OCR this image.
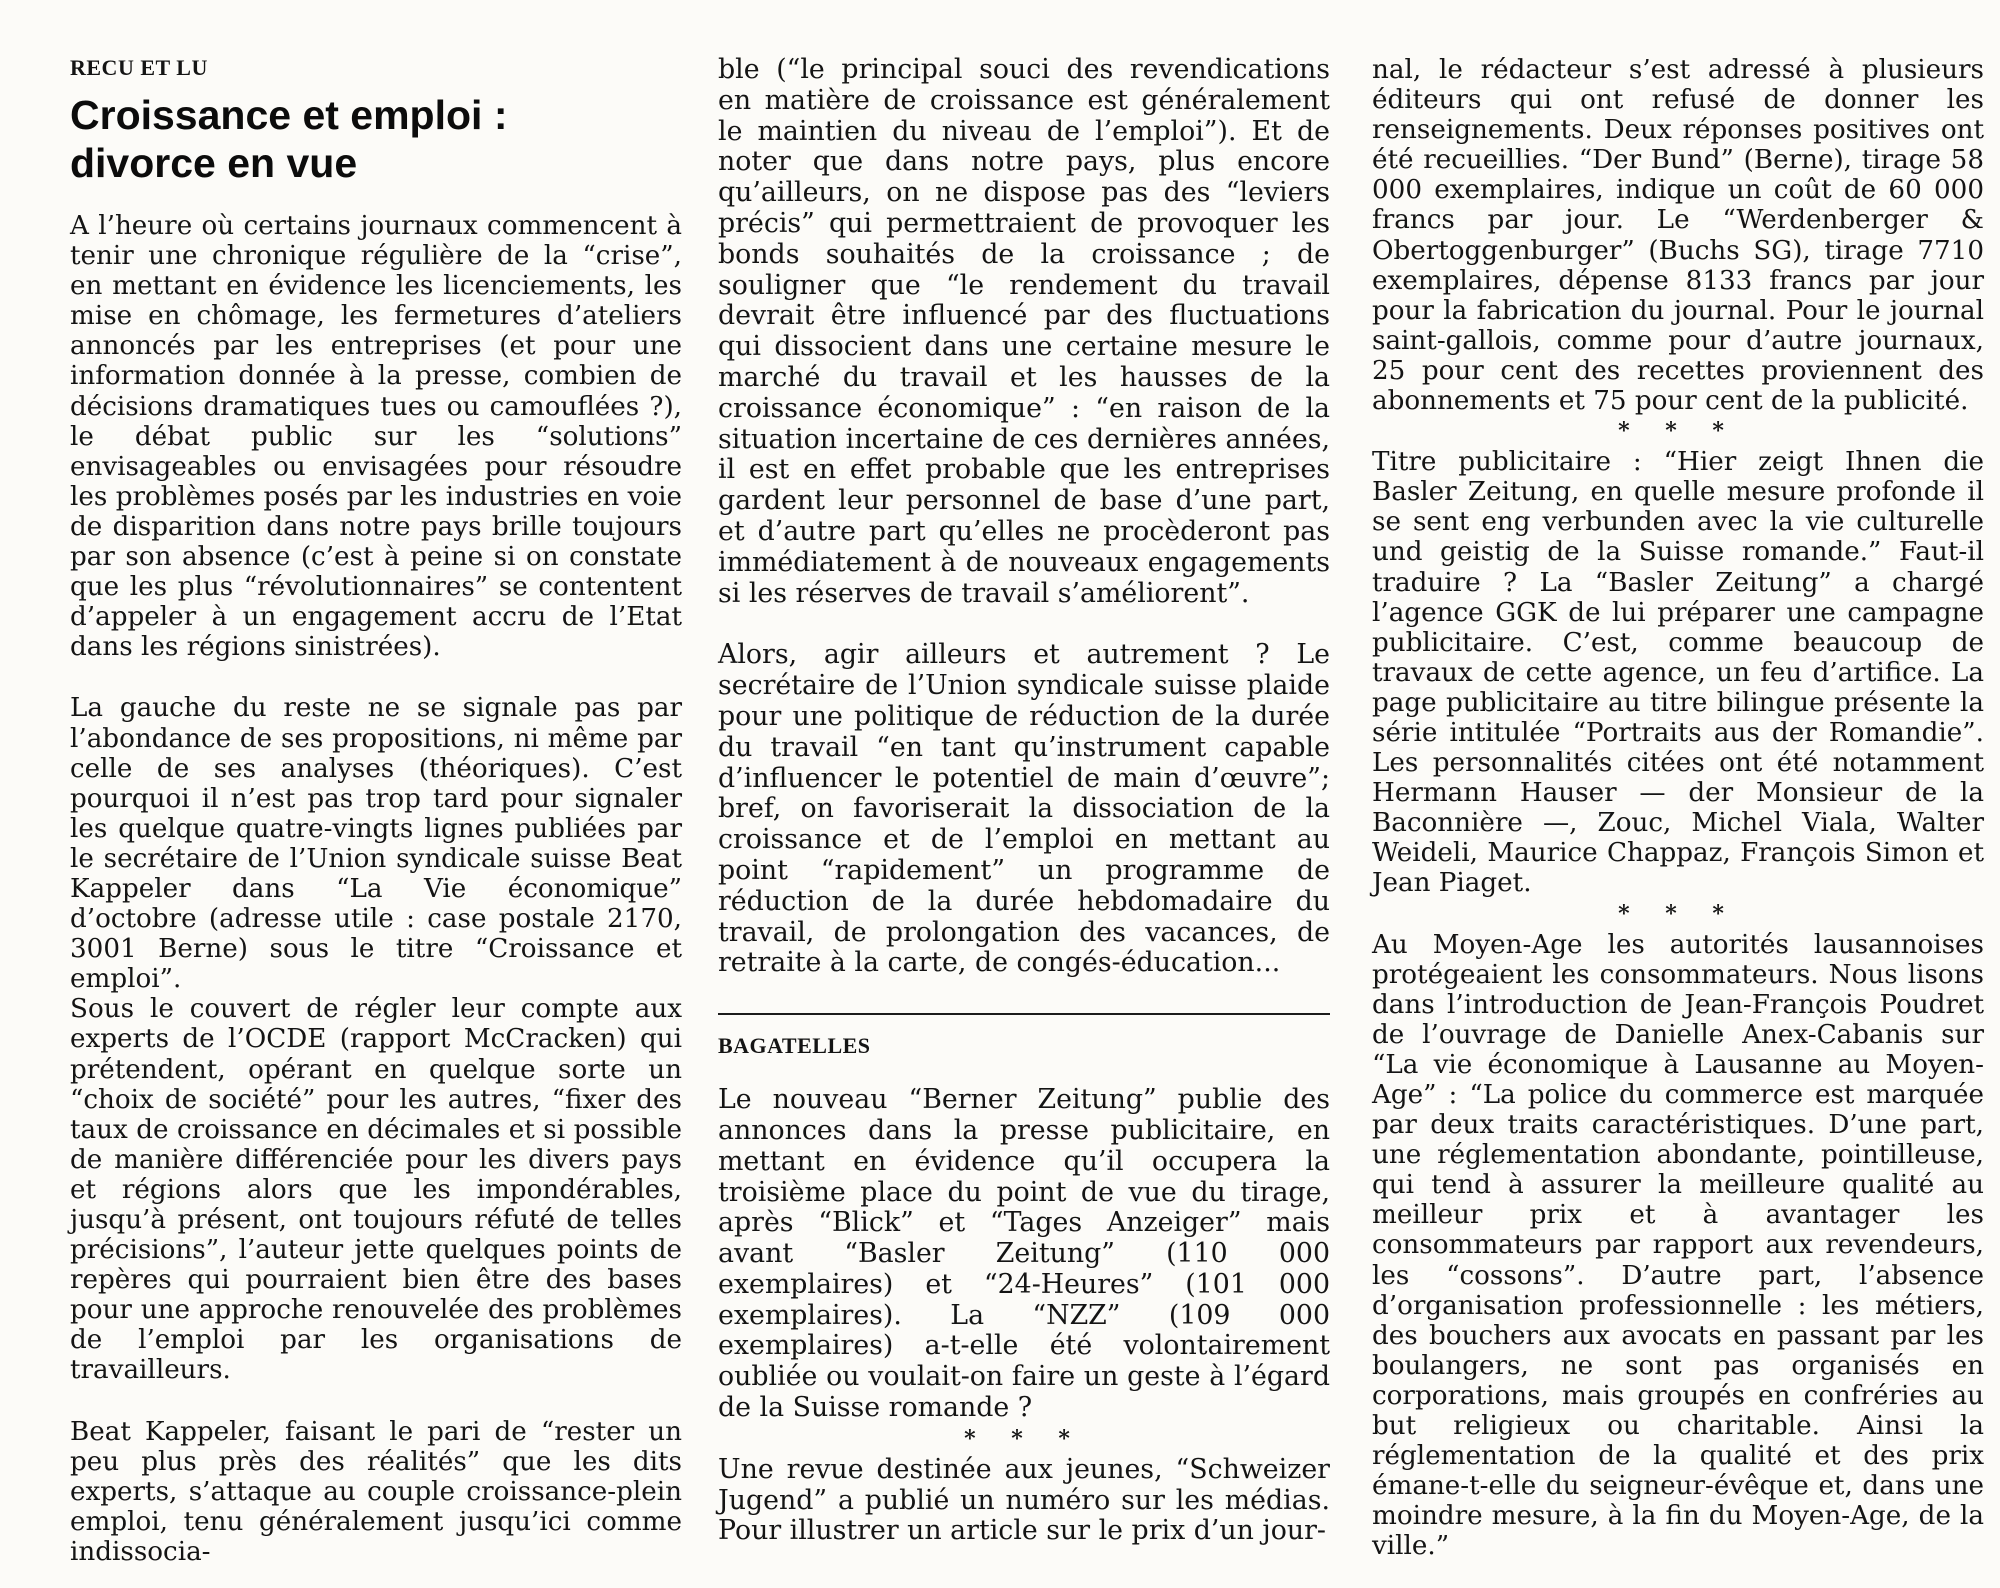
RECU ET LU
Croissance et emploi :
divorce en vue

A l’heure où certains journaux commencent à tenir une chronique régulière de la “crise”, en mettant en évidence les licenciements, les mise en chômage, les fermetures d’ateliers annoncés par les entreprises (et pour une information donnée à la presse, combien de décisions dramatiques tues ou camouflées ?), le débat public sur les “solutions” envisageables ou envisagées pour résoudre les problèmes posés par les industries en voie de disparition dans notre pays brille toujours par son absence (c’est à peine si on constate que les plus “révolutionnaires” se contentent d’appeler à un engagement accru de l’Etat dans les régions sinistrées).

La gauche du reste ne se signale pas par l’abondance de ses propositions, ni même par celle de ses analyses (théoriques). C’est pourquoi il n’est pas trop tard pour signaler les quelque quatre-vingts lignes publiées par le secrétaire de l’Union syndicale suisse Beat Kappeler dans “La Vie économique” d’octobre (adresse utile : case postale 2170, 3001 Berne) sous le titre “Croissance et emploi”.

Sous le couvert de régler leur compte aux experts de l’OCDE (rapport McCracken) qui prétendent, opérant en quelque sorte un “choix de société” pour les autres, “fixer des taux de croissance en décimales et si possible de manière différenciée pour les divers pays et régions alors que les impondérables, jusqu’à présent, ont toujours réfuté de telles précisions”, l’auteur jette quelques points de repères qui pourraient bien être des bases pour une approche renouvelée des problèmes de l’emploi par les organisations de travailleurs.

Beat Kappeler, faisant le pari de “rester un peu plus près des réalités” que les dits experts, s’attaque au couple croissance-plein emploi, tenu généralement jusqu’ici comme indissocia-

ble (“le principal souci des revendications en matière de croissance est généralement le maintien du niveau de l’emploi”). Et de noter que dans notre pays, plus encore qu’ailleurs, on ne dispose pas des “leviers précis” qui permettraient de provoquer les bonds souhaités de la croissance ; de souligner que “le rendement du travail devrait être influencé par des fluctuations qui dissocient dans une certaine mesure le marché du travail et les hausses de la croissance économique” : “en raison de la situation incertaine de ces dernières années, il est en effet probable que les entreprises gardent leur personnel de base d’une part, et d’autre part qu’elles ne procèderont pas immédiatement à de nouveaux engagements si les réserves de travail s’améliorent”.

Alors, agir ailleurs et autrement ? Le secrétaire de l’Union syndicale suisse plaide pour une politique de réduction de la durée du travail “en tant qu’instrument capable d’influencer le potentiel de main d’œuvre”; bref, on favoriserait la dissociation de la croissance et de l’emploi en mettant au point “rapidement” un programme de réduction de la durée hebdomadaire du travail, de prolongation des vacances, de retraite à la carte, de congés-éducation...

BAGATELLES

Le nouveau “Berner Zeitung” publie des annonces dans la presse publicitaire, en mettant en évidence qu’il occupera la troisième place du point de vue du tirage, après “Blick” et “Tages Anzeiger” mais avant “Basler Zeitung” (110 000 exemplaires) et “24-Heures” (101 000 exemplaires). La “NZZ” (109 000 exemplaires) a-t-elle été volontairement oubliée ou voulait-on faire un geste à l’égard de la Suisse romande ?

* * *

Une revue destinée aux jeunes, “Schweizer Jugend” a publié un numéro sur les médias. Pour illustrer un article sur le prix d’un jour-

nal, le rédacteur s’est adressé à plusieurs éditeurs qui ont refusé de donner les renseignements. Deux réponses positives ont été recueillies. “Der Bund” (Berne), tirage 58 000 exemplaires, indique un coût de 60 000 francs par jour. Le “Werdenberger & Obertoggenburger” (Buchs SG), tirage 7710 exemplaires, dépense 8133 francs par jour pour la fabrication du journal. Pour le journal saint-gallois, comme pour d’autre journaux, 25 pour cent des recettes proviennent des abonnements et 75 pour cent de la publicité.

* * *

Titre publicitaire : “Hier zeigt Ihnen die Basler Zeitung, en quelle mesure profonde il se sent eng verbunden avec la vie culturelle und geistig de la Suisse romande.” Faut-il traduire ? La “Basler Zeitung” a chargé l’agence GGK de lui préparer une campagne publicitaire. C’est, comme beaucoup de travaux de cette agence, un feu d’artifice. La page publicitaire au titre bilingue présente la série intitulée “Portraits aus der Romandie”. Les personnalités citées ont été notamment Hermann Hauser — der Monsieur de la Baconnière —, Zouc, Michel Viala, Walter Weideli, Maurice Chappaz, François Simon et Jean Piaget.

* * *

Au Moyen-Age les autorités lausannoises protégeaient les consommateurs. Nous lisons dans l’introduction de Jean-François Poudret de l’ouvrage de Danielle Anex-Cabanis sur “La vie économique à Lausanne au Moyen-Age” : “La police du commerce est marquée par deux traits caractéristiques. D’une part, une réglementation abondante, pointilleuse, qui tend à assurer la meilleure qualité au meilleur prix et à avantager les consommateurs par rapport aux revendeurs, les “cossons”. D’autre part, l’absence d’organisation professionnelle : les métiers, des bouchers aux avocats en passant par les boulangers, ne sont pas organisés en corporations, mais groupés en confréries au but religieux ou charitable. Ainsi la réglementation de la qualité et des prix émane-t-elle du seigneur-évêque et, dans une moindre mesure, à la fin du Moyen-Age, de la ville.”
